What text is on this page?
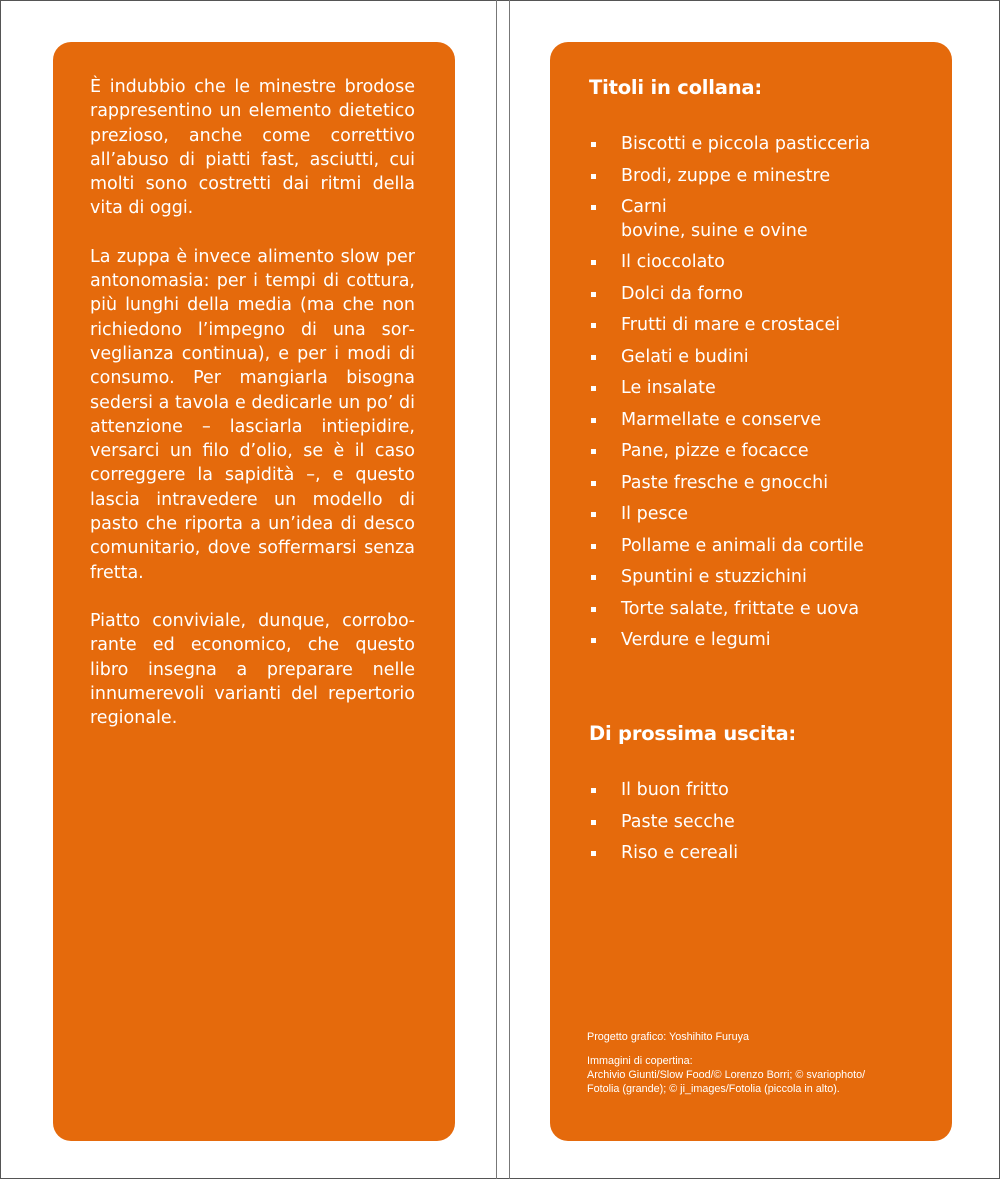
È indubbio che le minestre brodose rappresentino un elemento dietetico prezioso, anche come correttivo all’abuso di piatti fast, asciutti, cui molti sono costretti dai ritmi della vita di oggi.

La zuppa è invece alimento slow per antonomasia: per i tempi di cottura, più lunghi della media (ma che non richiedono l’impegno di una sorveglianza continua), e per i modi di consumo. Per mangiarla bisogna sedersi a tavola e dedicarle un po’ di attenzione – lasciarla intiepidire, versarci un filo d’olio, se è il caso correggere la sapidità –, e questo lascia intravedere un modello di pasto che riporta a un’idea di desco comunitario, dove soffermarsi senza fretta.

Piatto conviviale, dunque, corroborante ed economico, che questo libro insegna a preparare nelle innumerevoli varianti del repertorio regionale.

Titoli in collana:
Biscotti e piccola pasticceria
Brodi, zuppe e minestre
Carni
bovine, suine e ovine
Il cioccolato
Dolci da forno
Frutti di mare e crostacei
Gelati e budini
Le insalate
Marmellate e conserve
Pane, pizze e focacce
Paste fresche e gnocchi
Il pesce
Pollame e animali da cortile
Spuntini e stuzzichini
Torte salate, frittate e uova
Verdure e legumi
Di prossima uscita:
Il buon fritto
Paste secche
Riso e cereali
Progetto grafico: Yoshihito Furuya
Immagini di copertina:
Archivio Giunti/Slow Food/© Lorenzo Borri; © svariophoto/
Fotolia (grande); © ji_images/Fotolia (piccola in alto).
